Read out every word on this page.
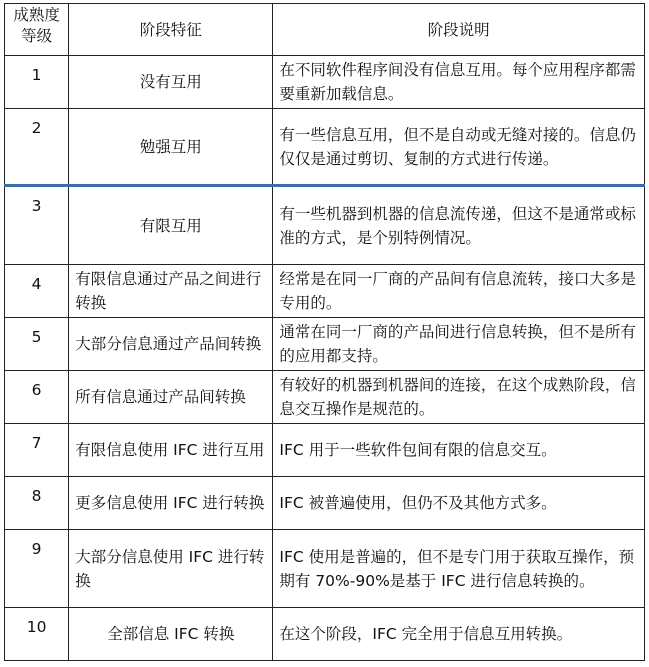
成熟度等级	阶段特征	阶段说明
1	没有互用	在不同软件程序间没有信息互用。每个应用程序都需要重新加载信息。
2	勉强互用	有一些信息互用，但不是自动或无缝对接的。信息仍仅仅是通过剪切、复制的方式进行传递。
3	有限互用	有一些机器到机器的信息流传递，但这不是通常或标准的方式，是个别特例情况。
4	有限信息通过产品之间进行转换	经常是在同一厂商的产品间有信息流转，接口大多是专用的。
5	大部分信息通过产品间转换	通常在同一厂商的产品间进行信息转换，但不是所有的应用都支持。
6	所有信息通过产品间转换	有较好的机器到机器间的连接，在这个成熟阶段，信息交互操作是规范的。
7	有限信息使用 IFC 进行互用	IFC 用于一些软件包间有限的信息交互。
8	更多信息使用 IFC 进行转换	IFC 被普遍使用，但仍不及其他方式多。
9	大部分信息使用 IFC 进行转换	IFC 使用是普遍的，但不是专门用于获取互操作，预期有 70%-90%是基于 IFC 进行信息转换的。
10	全部信息 IFC 转换	在这个阶段，IFC 完全用于信息互用转换。
